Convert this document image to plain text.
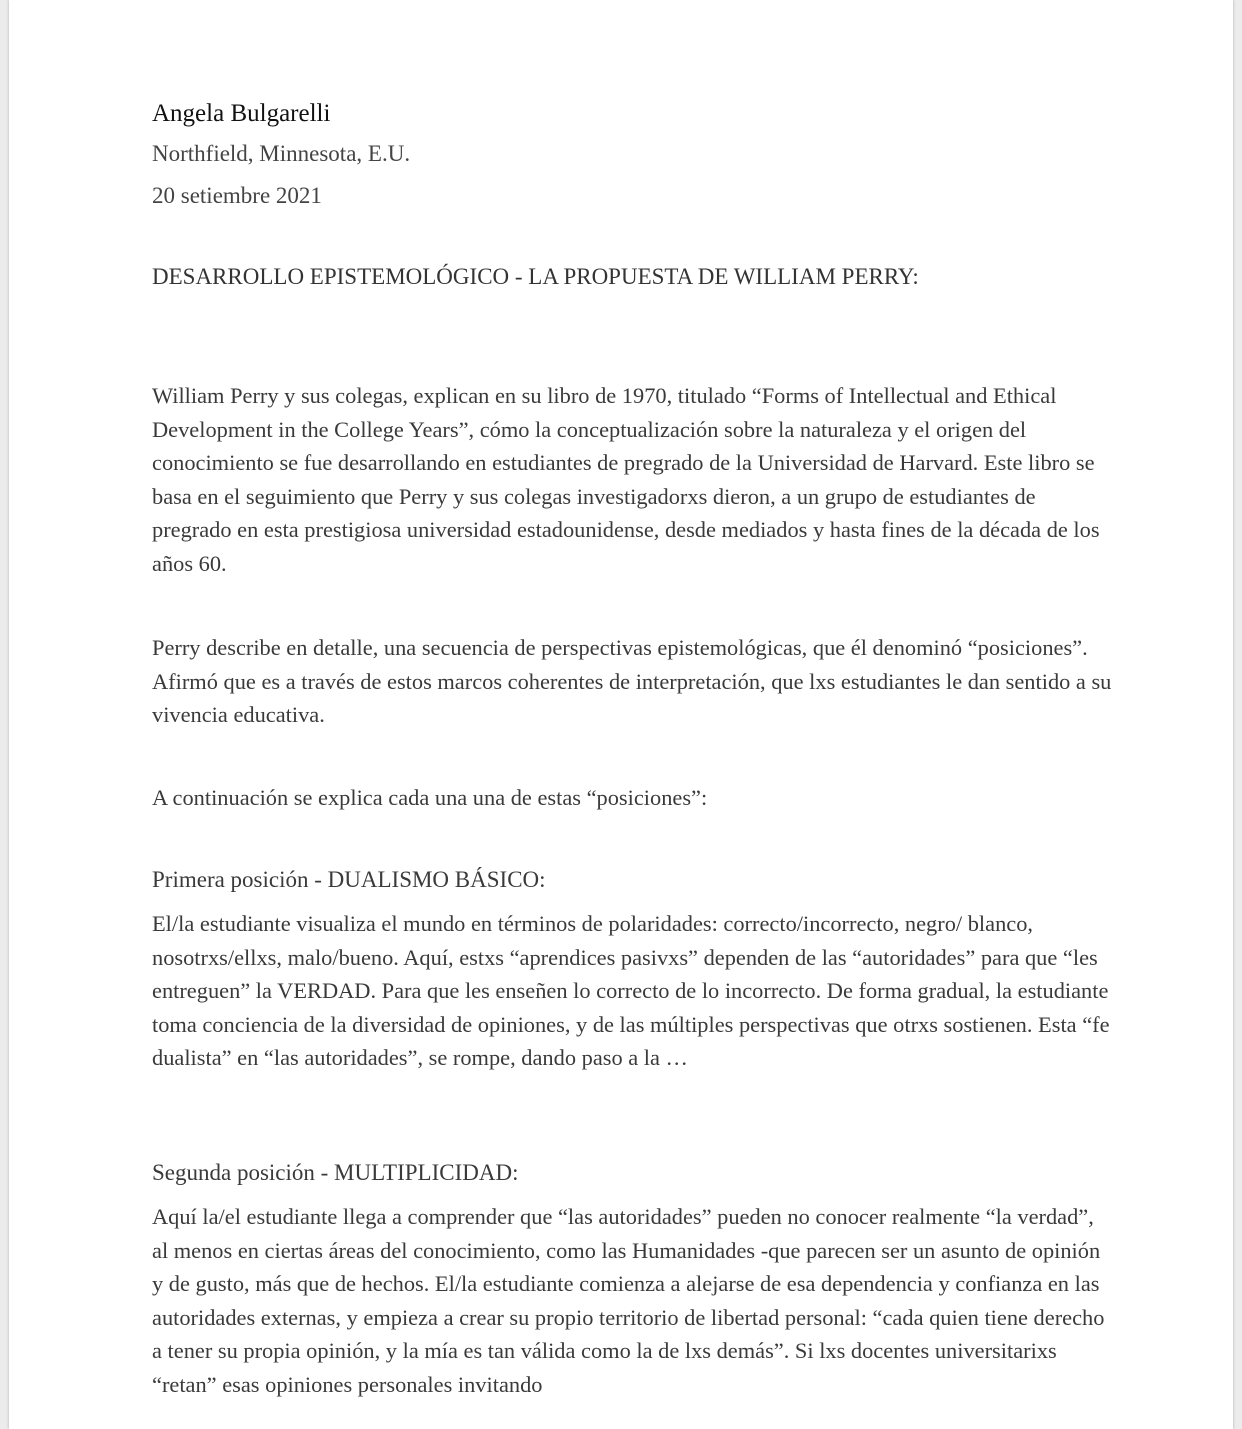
Angela Bulgarelli
Northfield, Minnesota, E.U.
20 setiembre 2021
DESARROLLO EPISTEMOLÓGICO - LA PROPUESTA DE WILLIAM PERRY:

William Perry y sus colegas, explican en su libro de 1970, titulado “Forms of Intellectual and Ethical Development in the College Years”, cómo la conceptualización sobre la naturaleza y el origen del conocimiento se fue desarrollando en estudiantes de pregrado de la Universidad de Harvard. Este libro se basa en el seguimiento que Perry y sus colegas investigadorxs dieron, a un grupo de estudiantes de pregrado en esta prestigiosa universidad estadounidense, desde mediados y hasta fines de la década de los años 60.

Perry describe en detalle, una secuencia de perspectivas epistemológicas, que él denominó “posiciones”. Afirmó que es a través de estos marcos coherentes de interpretación, que lxs estudiantes le dan sentido a su vivencia educativa.

A continuación se explica cada una una de estas “posiciones”:

Primera posición - DUALISMO BÁSICO:

El/la estudiante visualiza el mundo en términos de polaridades: correcto/incorrecto, negro/ blanco, nosotrxs/ellxs, malo/bueno. Aquí, estxs “aprendices pasivxs” dependen de las “autoridades” para que “les entreguen” la VERDAD. Para que les enseñen lo correcto de lo incorrecto. De forma gradual, la estudiante toma conciencia de la diversidad de opiniones, y de las múltiples perspectivas que otrxs sostienen. Esta “fe dualista” en “las autoridades”, se rompe, dando paso a la …

Segunda posición - MULTIPLICIDAD:

Aquí la/el estudiante llega a comprender que “las autoridades” pueden no conocer realmente “la verdad”, al menos en ciertas áreas del conocimiento, como las Humanidades -que parecen ser un asunto de opinión y de gusto, más que de hechos. El/la estudiante comienza a alejarse de esa dependencia y confianza en las autoridades externas, y empieza a crear su propio territorio de libertad personal: “cada quien tiene derecho a tener su propia opinión, y la mía es tan válida como la de lxs demás”. Si lxs docentes universitarixs “retan” esas opiniones personales invitando
